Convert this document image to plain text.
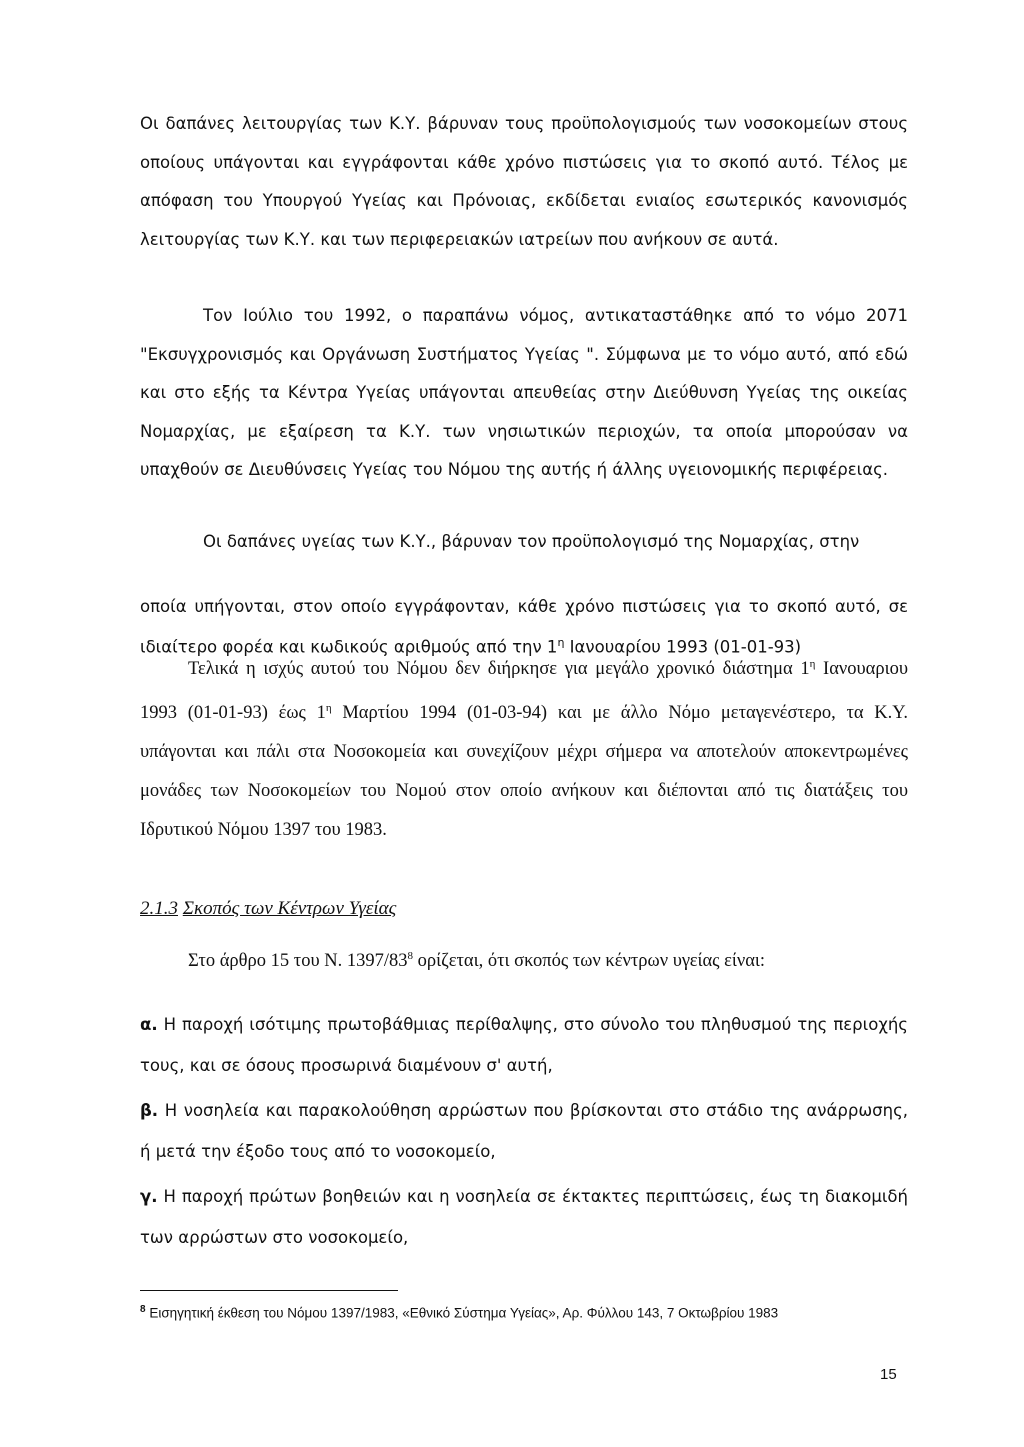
Οι δαπάνες λειτουργίας των Κ.Υ. βάρυναν τους προϋπολογισμούς των νοσοκομείων στους οποίους υπάγονται και εγγράφονται κάθε χρόνο πιστώσεις για το σκοπό αυτό. Τέλος με απόφαση του Υπουργού Υγείας και Πρόνοιας, εκδίδεται ενιαίος εσωτερικός κανονισμός λειτουργίας των Κ.Υ. και των περιφερειακών ιατρείων που ανήκουν σε αυτά.

Τον Ιούλιο του 1992, ο παραπάνω νόμος, αντικαταστάθηκε από το νόμο 2071 "Εκσυγχρονισμός και Οργάνωση Συστήματος Υγείας ". Σύμφωνα με το νόμο αυτό, από εδώ και στο εξής τα Κέντρα Υγείας υπάγονται απευθείας στην Διεύθυνση Υγείας της οικείας Νομαρχίας, με εξαίρεση τα Κ.Υ. των νησιωτικών περιοχών, τα οποία μπορούσαν να υπαχθούν σε Διευθύνσεις Υγείας του Νόμου της αυτής ή άλλης υγειονομικής περιφέρειας.

Οι δαπάνες υγείας των Κ.Υ., βάρυναν τον προϋπολογισμό της Νομαρχίας, στην

οποία υπήγονται, στον οποίο εγγράφονταν, κάθε χρόνο πιστώσεις για το σκοπό αυτό, σε ιδιαίτερο φορέα και κωδικούς αριθμούς από την $1^\eta$ Ιανουαρίου 1993 (01-01-93)

Τελικά η ισχύς αυτού του Νόμου δεν διήρκησε για μεγάλο χρονικό διάστημα $1^\eta$ Ιανουαριου 1993 (01-01-93) έως $1^\eta$ Μαρτίου 1994 (01-03-94) και με άλλο Νόμο μεταγενέστερο, τα Κ.Υ. υπάγονται και πάλι στα Νοσοκομεία και συνεχίζουν μέχρι σήμερα να αποτελούν αποκεντρωμένες μονάδες των Νοσοκομείων του Νομού στον οποίο ανήκουν και διέπονται από τις διατάξεις του Ιδρυτικού Νόμου 1397 του 1983.

2.1.3 Σκοπός των Κέντρων Υγείας

Στο άρθρο 15 του Ν. $1397/83^8$ ορίζεται, ότι σκοπός των κέντρων υγείας είναι:

α. Η παροχή ισότιμης πρωτοβάθμιας περίθαλψης, στο σύνολο του πληθυσμού της περιοχής τους, και σε όσους προσωρινά διαμένουν σ' αυτή,

β. Η νοσηλεία και παρακολούθηση αρρώστων που βρίσκονται στο στάδιο της ανάρρωσης, ή μετά την έξοδο τους από το νοσοκομείο,

γ. Η παροχή πρώτων βοηθειών και η νοσηλεία σε έκτακτες περιπτώσεις, έως τη διακομιδή των αρρώστων στο νοσοκομείο,

$^8$ Εισηγητική έκθεση του Νόμου 1397/1983, «Εθνικό Σύστημα Υγείας», Αρ. Φύλλου 143, 7 Οκτωβρίου 1983

15
